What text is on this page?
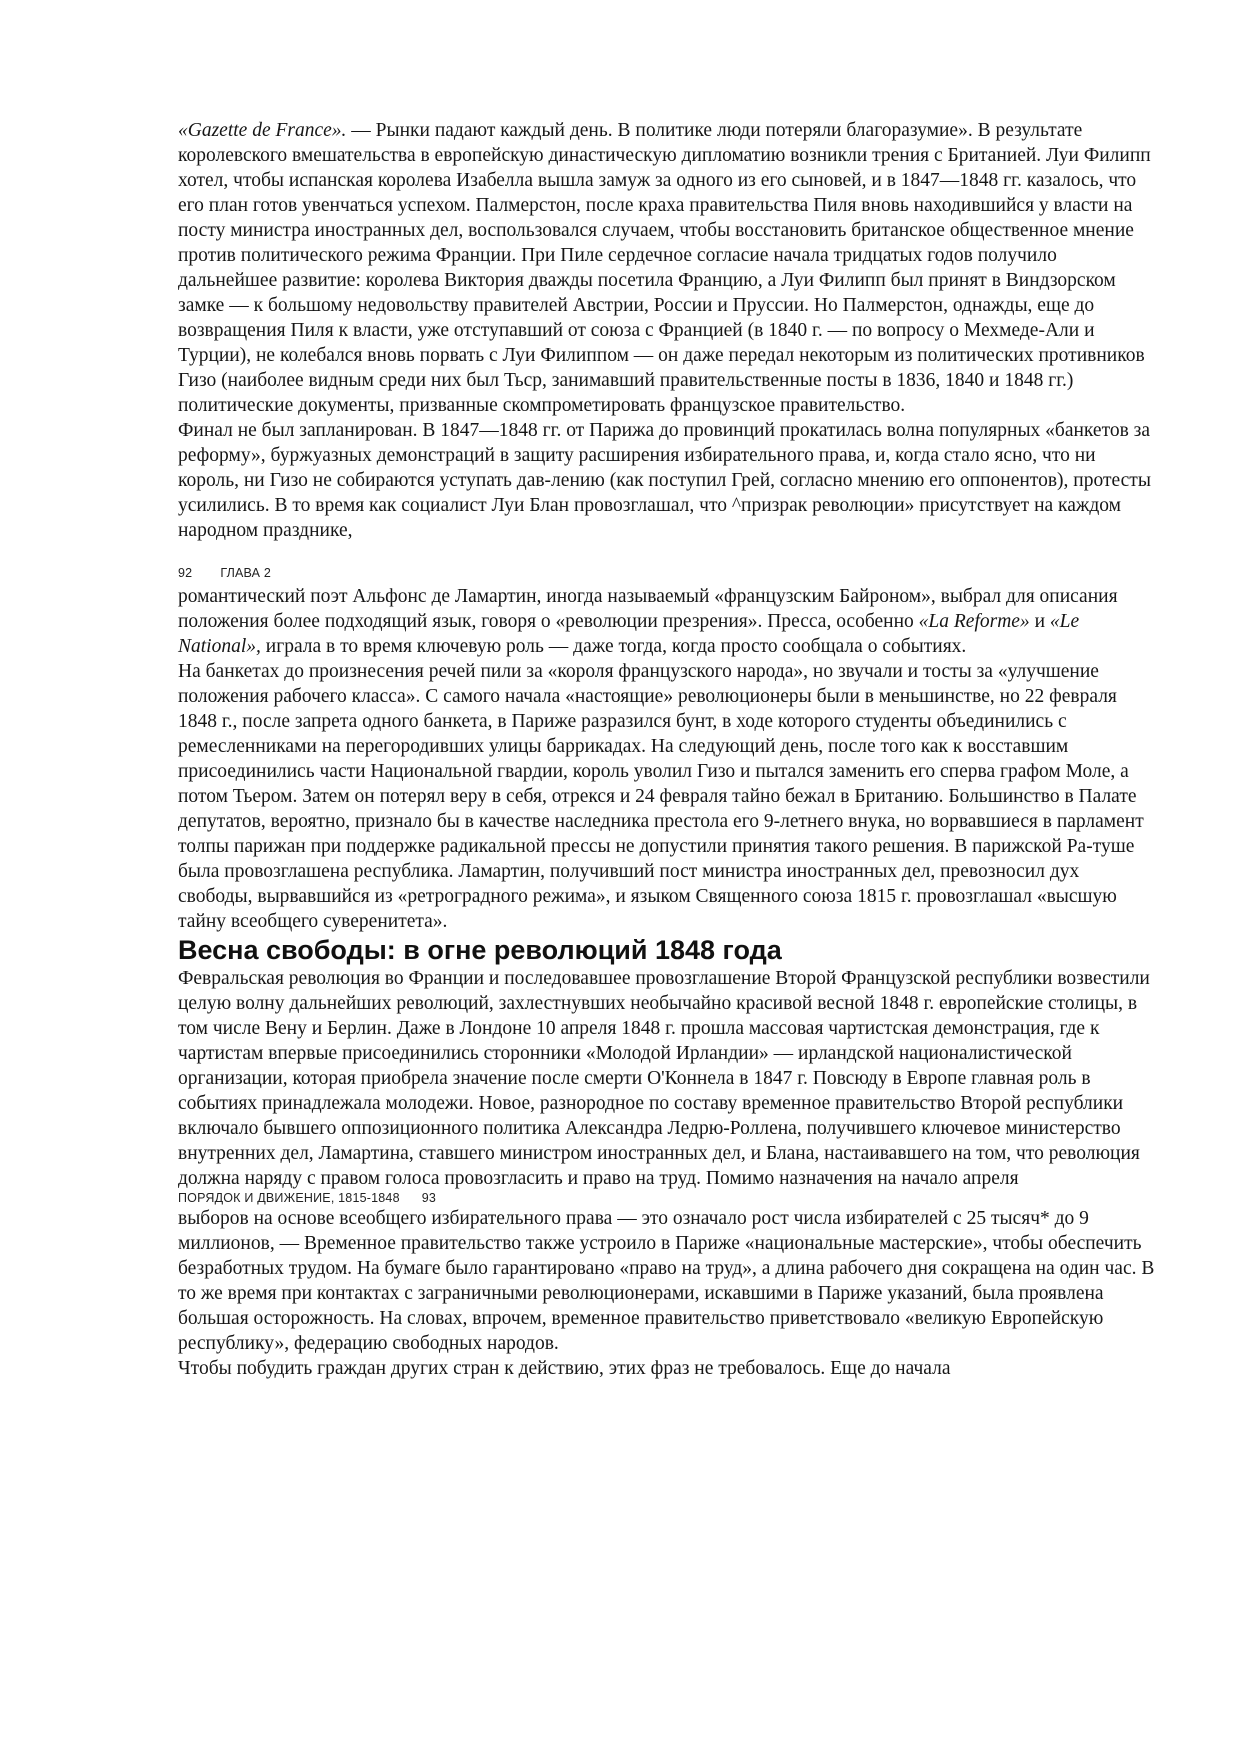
«Gazette de France». — Рынки падают каждый день. В политике люди потеряли благоразумие». В результате королевского вмешательства в европейскую династическую дипломатию возникли трения с Британией. Луи Филипп хотел, чтобы испанская королева Изабелла вышла замуж за одного из его сыновей, и в 1847—1848 гг. казалось, что его план готов увенчаться успехом. Палмерстон, после краха правительства Пиля вновь находившийся у власти на посту министра иностранных дел, воспользовался случаем, чтобы восстановить британское общественное мнение против политического режима Франции. При Пиле сердечное согласие начала тридцатых годов получило дальнейшее развитие: королева Виктория дважды посетила Францию, а Луи Филипп был принят в Виндзорском замке — к большому недовольству правителей Австрии, России и Пруссии. Но Палмерстон, однажды, еще до возвращения Пиля к власти, уже отступавший от союза с Францией (в 1840 г. — по вопросу о Мехмеде-Али и Турции), не колебался вновь порвать с Луи Филиппом — он даже передал некоторым из политических противников Гизо (наиболее видным среди них был Тьср, занимавший правительственные посты в 1836, 1840 и 1848 гг.) политические документы, призванные скомпрометировать французское правительство.

Финал не был запланирован. В 1847—1848 гг. от Парижа до провинций прокатилась волна популярных «банкетов за реформу», буржуазных демонстраций в защиту расширения избирательного права, и, когда стало ясно, что ни король, ни Гизо не собираются уступать дав-лению (как поступил Грей, согласно мнению его оппонентов), протесты усилились. В то время как социалист Луи Блан провозглашал, что ^призрак революции» присутствует на каждом народном празднике,

92 ГЛАВА 2

романтический поэт Альфонс де Ламартин, иногда называемый «французским Байроном», выбрал для описания положения более подходящий язык, говоря о «революции презрения». Пресса, особенно «La Reforme» и «Le National», играла в то время ключевую роль — даже тогда, когда просто сообщала о событиях.

На банкетах до произнесения речей пили за «короля французского народа», но звучали и тосты за «улучшение положения рабочего класса». С самого начала «настоящие» революционеры были в меньшинстве, но 22 февраля 1848 г., после запрета одного банкета, в Париже разразился бунт, в ходе которого студенты объединились с ремесленниками на перегородивших улицы баррикадах. На следующий день, после того как к восставшим присоединились части Национальной гвардии, король уволил Гизо и пытался заменить его сперва графом Моле, а потом Тьером. Затем он потерял веру в себя, отрекся и 24 февраля тайно бежал в Британию. Большинство в Палате депутатов, вероятно, признало бы в качестве наследника престола его 9-летнего внука, но ворвавшиеся в парламент толпы парижан при поддержке радикальной прессы не допустили принятия такого решения. В парижской Ра-туше была провозглашена республика. Ламартин, получивший пост министра иностранных дел, превозносил дух свободы, вырвавшийся из «ретроградного режима», и языком Священного союза 1815 г. провозглашал «высшую тайну всеобщего суверенитета».

Весна свободы: в огне революций 1848 года

Февральская революция во Франции и последовавшее провозглашение Второй Французской республики возвестили целую волну дальнейших революций, захлестнувших необычайно красивой весной 1848 г. европейские столицы, в том числе Вену и Берлин. Даже в Лондоне 10 апреля 1848 г. прошла массовая чартистская демонстрация, где к чартистам впервые присоединились сторонники «Молодой Ирландии» — ирландской националистической организации, которая приобрела значение после смерти О'Коннела в 1847 г. Повсюду в Европе главная роль в событиях принадлежала молодежи. Новое, разнородное по составу временное правительство Второй республики включало бывшего оппозиционного политика Александра Ледрю-Роллена, получившего ключевое министерство внутренних дел, Ламартина, ставшего министром иностранных дел, и Блана, настаивавшего на том, что революция должна наряду с правом голоса провозгласить и право на труд. Помимо назначения на начало апреля

ПОРЯДОК И ДВИЖЕНИЕ, 1815-1848 93

выборов на основе всеобщего избирательного права — это означало рост числа избирателей с 25 тысяч* до 9 миллионов, — Временное правительство также устроило в Париже «национальные мастерские», чтобы обеспечить безработных трудом. На бумаге было гарантировано «право на труд», а длина рабочего дня сокращена на один час. В то же время при контактах с заграничными революционерами, искавшими в Париже указаний, была проявлена большая осторожность. На словах, впрочем, временное правительство приветствовало «великую Европейскую республику», федерацию свободных народов.

Чтобы побудить граждан других стран к действию, этих фраз не требовалось. Еще до начала
